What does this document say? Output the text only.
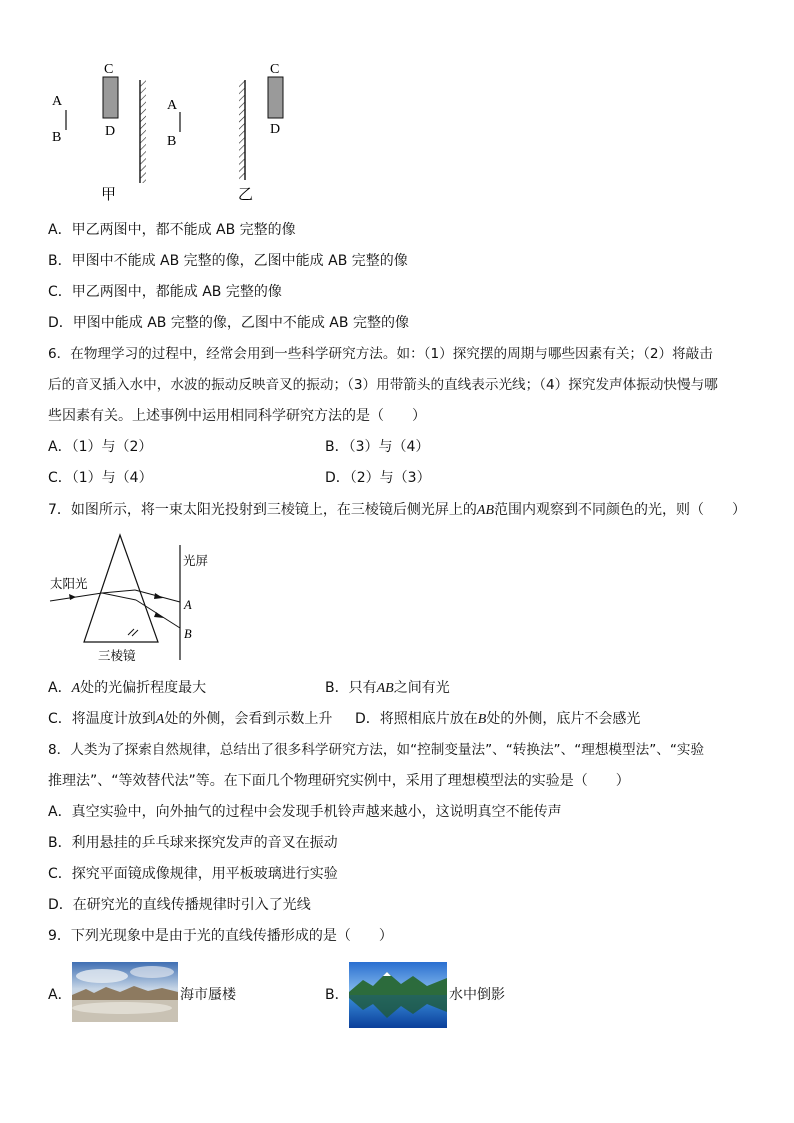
A
B
C
D
甲
A
B
C
D
乙
A．甲乙两图中，都不能成 AB 完整的像
B．甲图中不能成 AB 完整的像，乙图中能成 AB 完整的像
C．甲乙两图中，都能成 AB 完整的像
D．甲图中能成 AB 完整的像，乙图中不能成 AB 完整的像
6．在物理学习的过程中，经常会用到一些科学研究方法。如：（1）探究摆的周期与哪些因素有关；（2）将敲击
后的音叉插入水中，水波的振动反映音叉的振动；（3）用带箭头的直线表示光线；（4）探究发声体振动快慢与哪
些因素有关。上述事例中运用相同科学研究方法的是（　　）
A．（1）与（2）	B．（3）与（4）
C．（1）与（4）	D．（2）与（3）
7．如图所示，将一束太阳光投射到三棱镜上，在三棱镜后侧光屏上的AB范围内观察到不同颜色的光，则（　　）
太阳光
光屏
A
B
三棱镜
A．A处的光偏折程度最大	B．只有AB之间有光
C．将温度计放到A处的外侧，会看到示数上升 D．将照相底片放在B处的外侧，底片不会感光
8．人类为了探索自然规律，总结出了很多科学研究方法，如“控制变量法”、“转换法”、“理想模型法”、“实验
推理法”、“等效替代法”等。在下面几个物理研究实例中，采用了理想模型法的实验是（　　）
A．真空实验中，向外抽气的过程中会发现手机铃声越来越小，这说明真空不能传声
B．利用悬挂的乒乓球来探究发声的音叉在振动
C．探究平面镜成像规律，用平板玻璃进行实验
D．在研究光的直线传播规律时引入了光线
9．下列光现象中是由于光的直线传播形成的是（　　）
A．	海市蜃楼	B．	水中倒影
